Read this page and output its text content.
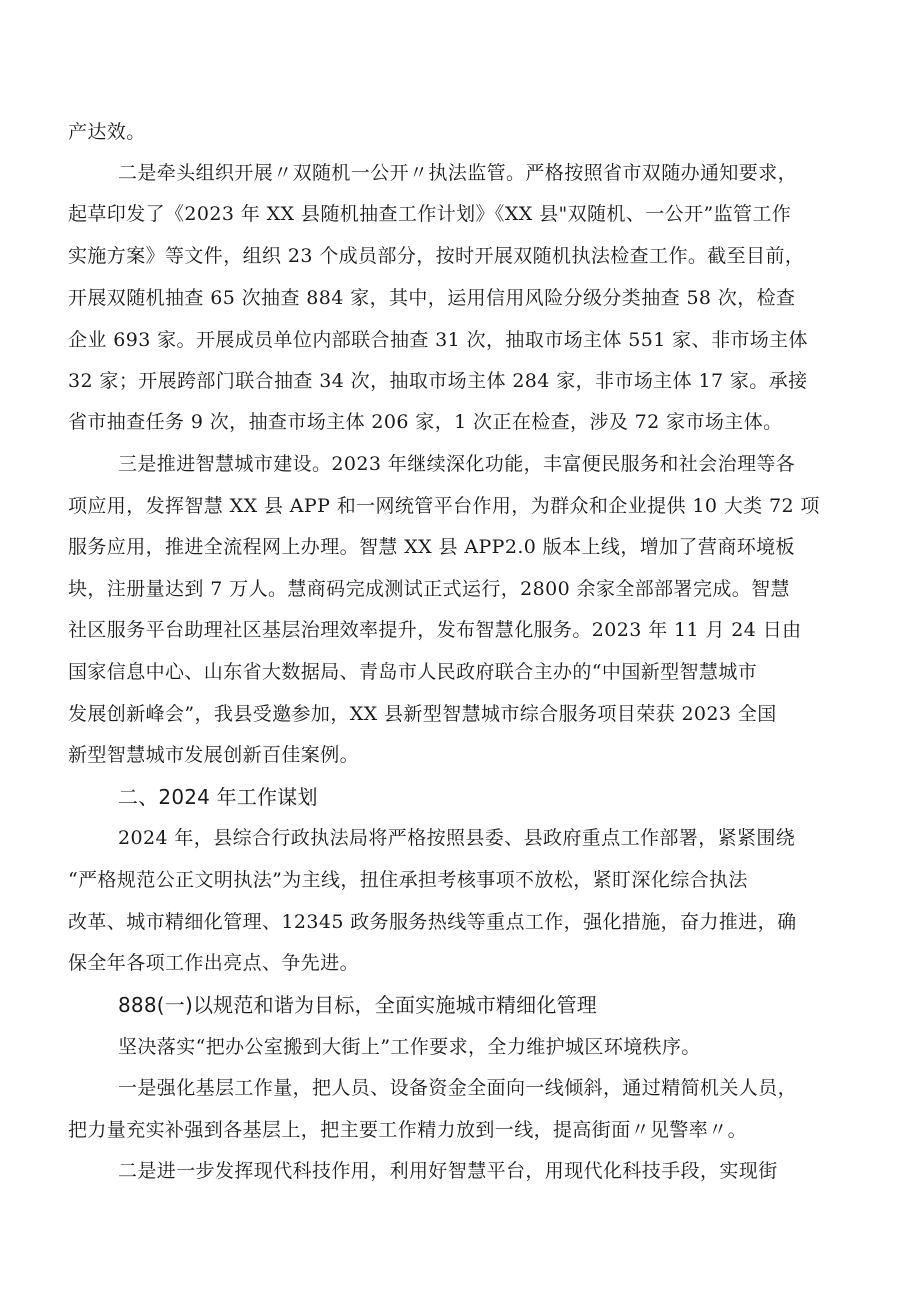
产达效。
二是牵头组织开展〃双随机一公开〃执法监管。严格按照省市双随办通知要求，
起草印发了《2023 年 XX 县随机抽查工作计划》《XX 县"双随机、一公开”监管工作
实施方案》等文件，组织 23 个成员部分，按时开展双随机执法检查工作。截至目前，
开展双随机抽查 65 次抽查 884 家，其中，运用信用风险分级分类抽查 58 次，检查
企业 693 家。开展成员单位内部联合抽查 31 次，抽取市场主体 551 家、非市场主体
32 家；开展跨部门联合抽查 34 次，抽取市场主体 284 家，非市场主体 17 家。承接
省市抽查任务 9 次，抽查市场主体 206 家，1 次正在检查，涉及 72 家市场主体。
三是推进智慧城市建设。2023 年继续深化功能，丰富便民服务和社会治理等各
项应用，发挥智慧 XX 县 APP 和一网统管平台作用，为群众和企业提供 10 大类 72 项
服务应用，推进全流程网上办理。智慧 XX 县 APP2.0 版本上线，增加了营商环境板
块，注册量达到 7 万人。慧商码完成测试正式运行，2800 余家全部部署完成。智慧
社区服务平台助理社区基层治理效率提升，发布智慧化服务。2023 年 11 月 24 日由
国家信息中心、山东省大数据局、青岛市人民政府联合主办的“中国新型智慧城市
发展创新峰会”，我县受邀参加，XX 县新型智慧城市综合服务项目荣获 2023 全国
新型智慧城市发展创新百佳案例。
二、2024 年工作谋划
2024 年，县综合行政执法局将严格按照县委、县政府重点工作部署，紧紧围绕
“严格规范公正文明执法”为主线，扭住承担考核事项不放松，紧盯深化综合执法
改革、城市精细化管理、12345 政务服务热线等重点工作，强化措施，奋力推进，确
保全年各项工作出亮点、争先进。
888(一)以规范和谐为目标，全面实施城市精细化管理
坚决落实“把办公室搬到大街上”工作要求，全力维护城区环境秩序。
一是强化基层工作量，把人员、设备资金全面向一线倾斜，通过精简机关人员，
把力量充实补强到各基层上，把主要工作精力放到一线，提高街面〃见警率〃。
二是进一步发挥现代科技作用，利用好智慧平台，用现代化科技手段，实现街
